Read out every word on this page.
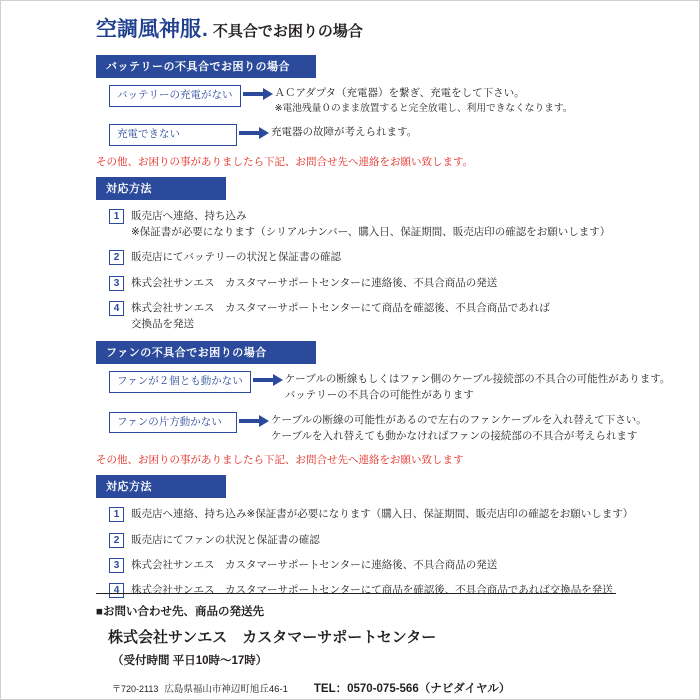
空調風神服 . 不具合でお困りの場合
バッテリーの不具合でお困りの場合
バッテリーの充電がない	ＡＣアダプタ（充電器）を繋ぎ、充電をして下さい。
※電池残量０のまま放置すると完全放電し、利用できなくなります。
充電できない	充電器の故障が考えられます。
その他、お困りの事がありましたら下記、お問合せ先へ連絡をお願い致します。
対応方法
1	販売店へ連絡、持ち込み
※保証書が必要になります（シリアルナンバー、購入日、保証期間、販売店印の確認をお願いします）
2	販売店にてバッテリーの状況と保証書の確認
3	株式会社サンエス　カスタマーサポートセンターに連絡後、不具合商品の発送
4	株式会社サンエス　カスタマーサポートセンターにて商品を確認後、不具合商品であれば
交換品を発送
ファンの不具合でお困りの場合
ファンが２個とも動かない	ケーブルの断線もしくはファン側のケーブル接続部の不具合の可能性があります。
バッテリーの不具合の可能性があります
ファンの片方動かない	ケーブルの断線の可能性があるので左右のファンケーブルを入れ替えて下さい。
ケーブルを入れ替えても動かなければファンの接続部の不具合が考えられます
その他、お困りの事がありましたら下記、お問合せ先へ連絡をお願い致します
対応方法
1	販売店へ連絡、持ち込み※保証書が必要になります（購入日、保証期間、販売店印の確認をお願いします）
2	販売店にてファンの状況と保証書の確認
3	株式会社サンエス　カスタマーサポートセンターに連絡後、不具合商品の発送
4	株式会社サンエス　カスタマーサポートセンターにて商品を確認後、不具合商品であれば交換品を発送
■お問い合わせ先、商品の発送先
株式会社サンエス　カスタマーサポートセンター
（受付時間 平日10時～17時）
〒720-2113 広島県福山市神辺町旭丘46-1 TEL：0570-075-566（ナビダイヤル）
